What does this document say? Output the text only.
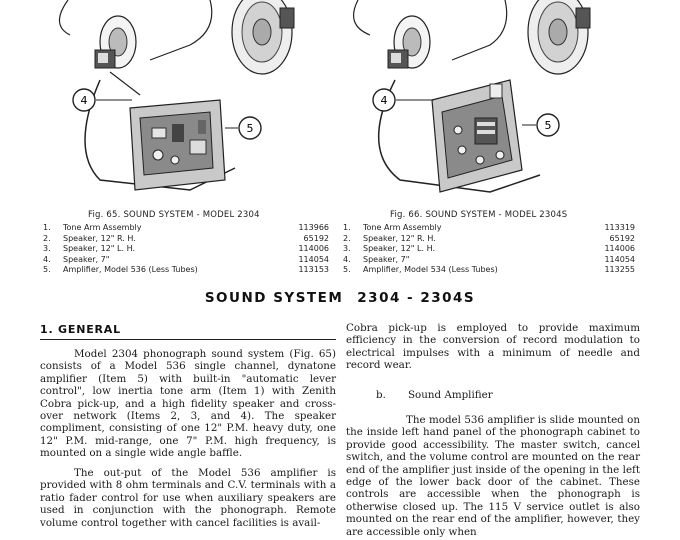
4
5
Fig. 65. SOUND SYSTEM - MODEL 2304
1.	Tone Arm Assembly	113966
2.	Speaker, 12" R. H.	65192
3.	Speaker, 12" L. H.	114006
4.	Speaker, 7"	114054
5.	Amplifier, Model 536 (Less Tubes)	113153
4
5
Fig. 66. SOUND SYSTEM - MODEL 2304S
1.	Tone Arm Assembly	113319
2.	Speaker, 12" R. H.	65192
3.	Speaker, 12" L. H.	114006
4.	Speaker, 7"	114054
5.	Amplifier, Model 534 (Less Tubes)	113255
SOUND SYSTEM 2304 - 2304S
1. GENERAL

Model 2304 phonograph sound system (Fig. 65) consists of a Model 536 single channel, dynatone amplifier (Item 5) with built-in "automatic lever control", low inertia tone arm (Item 1) with Zenith Cobra pick-up, and a high fidelity speaker and cross-over network (Items 2, 3, and 4). The speaker compliment, consisting of one 12" P.M. heavy duty, one 12" P.M. mid-range, one 7" P.M. high frequency, is mounted on a single wide angle baffle.

The out-put of the Model 536 amplifier is provided with 8 ohm terminals and C.V. terminals with a ratio fader control for use when auxiliary speakers are used in conjunction with the phonograph. Remote volume control together with cancel facilities is avail-

Cobra pick-up is employed to provide maximum efficiency in the conversion of record modulation to electrical impulses with a minimum of needle and record wear.

b. Sound Amplifier

The model 536 amplifier is slide mounted on the inside left hand panel of the phonograph cabinet to provide good accessibility. The master switch, cancel switch, and the volume control are mounted on the rear end of the amplifier just inside of the opening in the left edge of the lower back door of the cabinet. These controls are accessible when the phonograph is otherwise closed up. The 115 V service outlet is also mounted on the rear end of the amplifier, however, they are accessible only when
